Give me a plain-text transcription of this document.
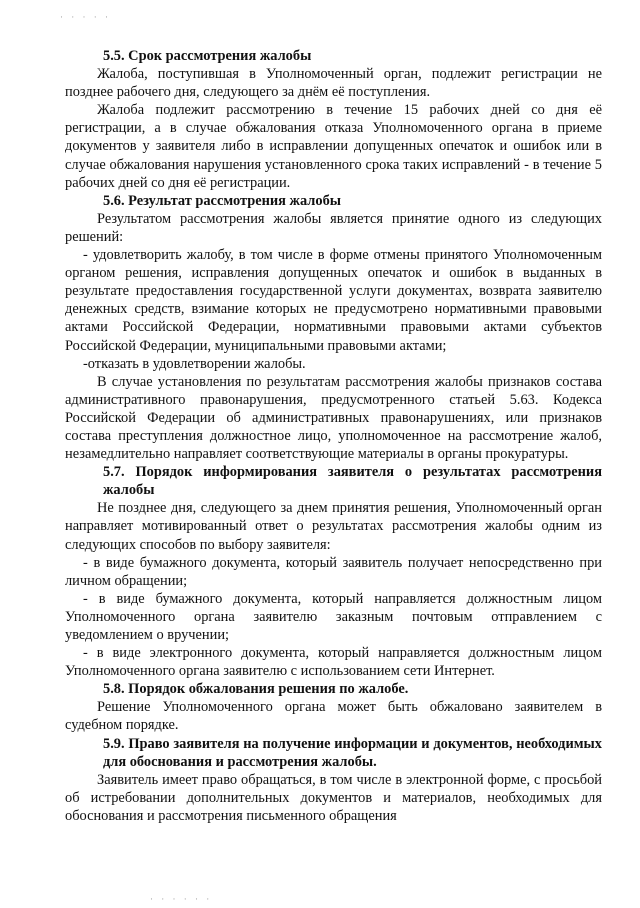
· · · · ·

5.5. Срок рассмотрения жалобы

Жалоба, поступившая в Уполномоченный орган, подлежит регистрации не позднее рабочего дня, следующего за днём её поступления.

Жалоба подлежит рассмотрению в течение 15 рабочих дней со дня её регистрации, а в случае обжалования отказа Уполномоченного органа в приеме документов у заявителя либо в исправлении допущенных опечаток и ошибок или в случае обжалования нарушения установленного срока таких исправлений - в течение 5 рабочих дней со дня её регистрации.

5.6. Результат рассмотрения жалобы

Результатом рассмотрения жалобы является принятие одного из следующих решений:

- удовлетворить жалобу, в том числе в форме отмены принятого Уполномоченным органом решения, исправления допущенных опечаток и ошибок в выданных в результате предоставления государственной услуги документах, возврата заявителю денежных средств, взимание которых не предусмотрено нормативными правовыми актами Российской Федерации, нормативными правовыми актами субъектов Российской Федерации, муниципальными правовыми актами;

-отказать в удовлетворении жалобы.

В случае установления по результатам рассмотрения жалобы признаков состава административного правонарушения, предусмотренного статьей 5.63. Кодекса Российской Федерации об административных правонарушениях, или признаков состава преступления должностное лицо, уполномоченное на рассмотрение жалоб, незамедлительно направляет соответствующие материалы в органы прокуратуры.

5.7. Порядок информирования заявителя о результатах рассмотрения жалобы

Не позднее дня, следующего за днем принятия решения, Уполномоченный орган направляет мотивированный ответ о результатах рассмотрения жалобы одним из следующих способов по выбору заявителя:

- в виде бумажного документа, который заявитель получает непосредственно при личном обращении;

- в виде бумажного документа, который направляется должностным лицом Уполномоченного органа заявителю заказным почтовым отправлением с уведомлением о вручении;

- в виде электронного документа, который направляется должностным лицом Уполномоченного органа заявителю с использованием сети Интернет.

5.8. Порядок обжалования решения по жалобе.

Решение Уполномоченного органа может быть обжаловано заявителем в судебном порядке.

5.9. Право заявителя на получение информации и документов, необходимых для обоснования и рассмотрения жалобы.

Заявитель имеет право обращаться, в том числе в электронной форме, с просьбой об истребовании дополнительных документов и материалов, необходимых для обоснования и рассмотрения письменного обращения

· · · · · ·
